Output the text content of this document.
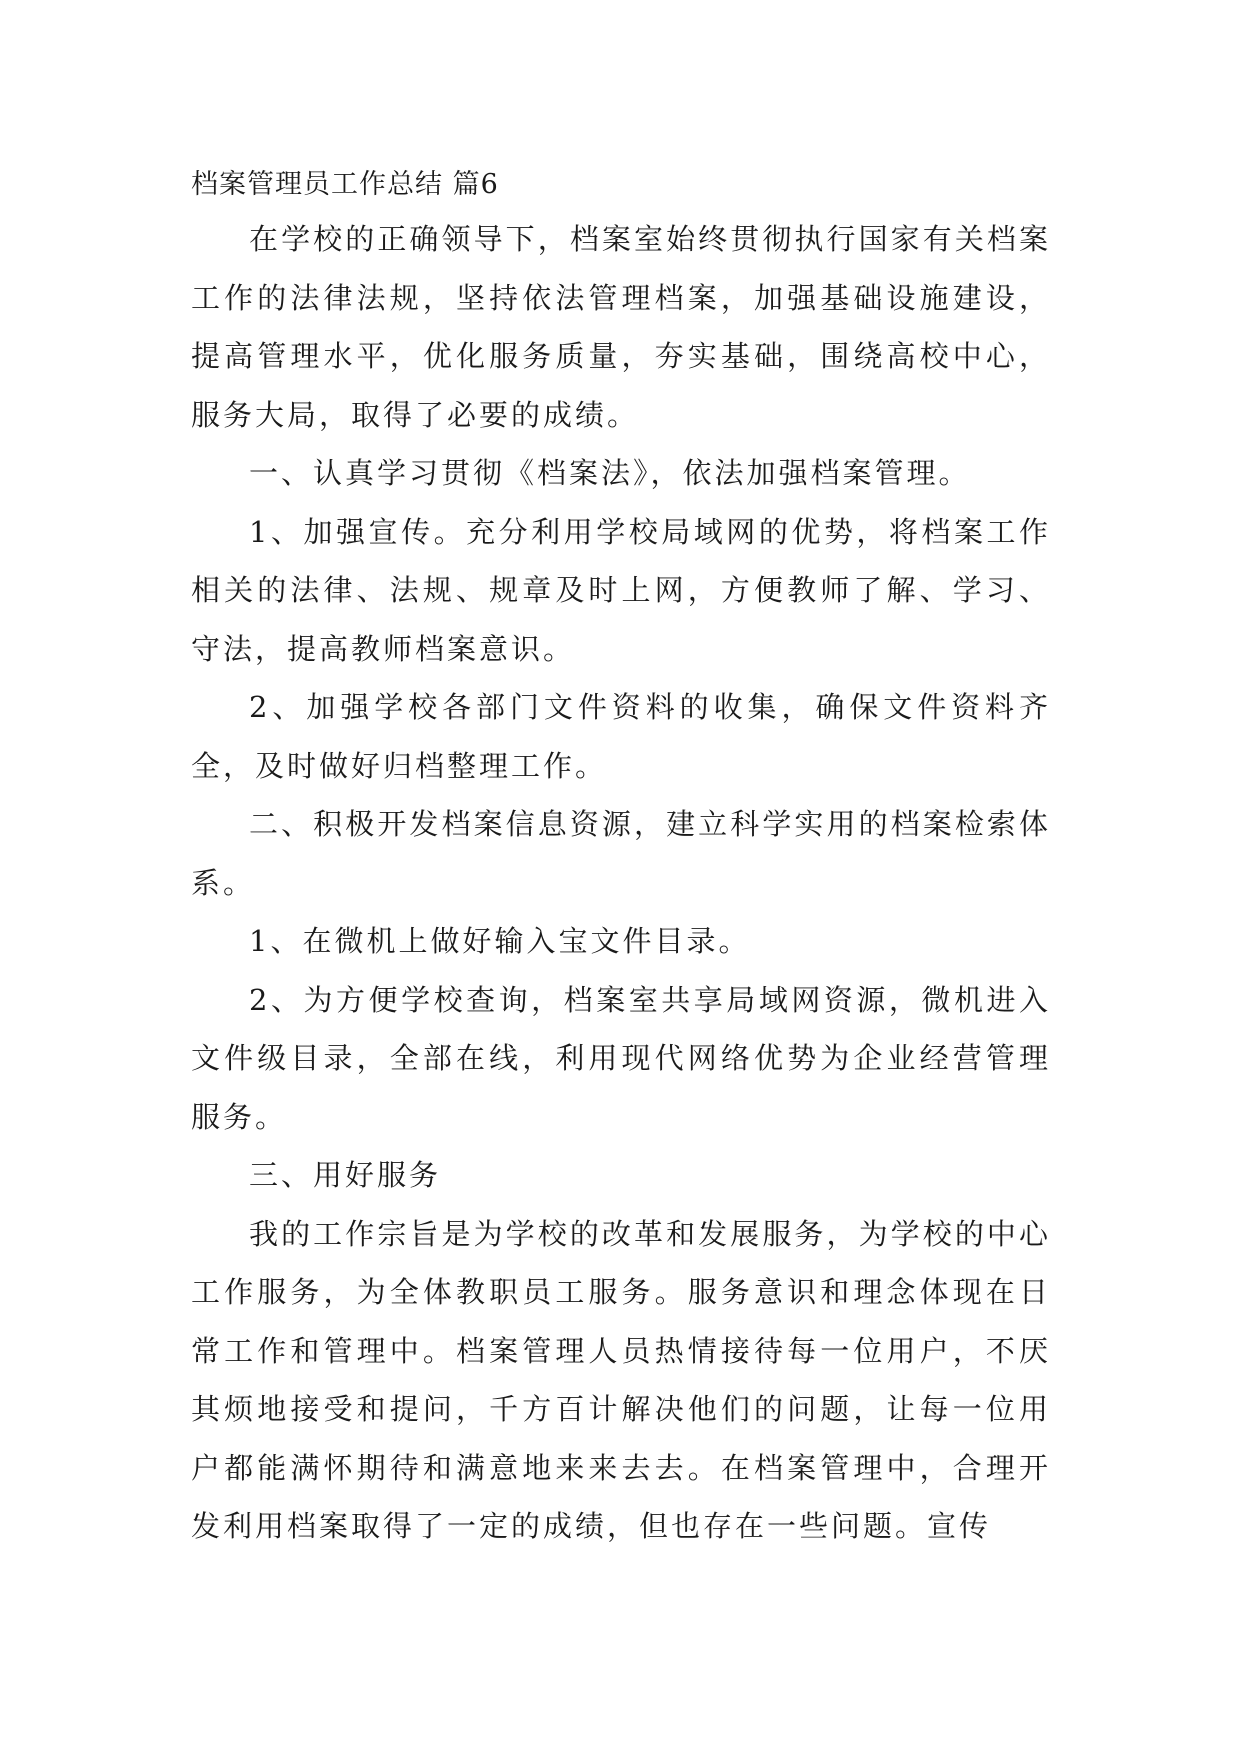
档案管理员工作总结 篇6

在学校的正确领导下，档案室始终贯彻执行国家有关档案工作的法律法规，坚持依法管理档案，加强基础设施建设，提高管理水平，优化服务质量，夯实基础，围绕高校中心，服务大局，取得了必要的成绩。

一、认真学习贯彻《档案法》，依法加强档案管理。

1、加强宣传。充分利用学校局域网的优势，将档案工作相关的法律、法规、规章及时上网，方便教师了解、学习、守法，提高教师档案意识。

2、加强学校各部门文件资料的收集，确保文件资料齐全，及时做好归档整理工作。

二、积极开发档案信息资源，建立科学实用的档案检索体系。

1、在微机上做好输入宝文件目录。

2、为方便学校查询，档案室共享局域网资源，微机进入文件级目录，全部在线，利用现代网络优势为企业经营管理服务。

三、用好服务

我的工作宗旨是为学校的改革和发展服务，为学校的中心工作服务，为全体教职员工服务。服务意识和理念体现在日常工作和管理中。档案管理人员热情接待每一位用户，不厌其烦地接受和提问，千方百计解决他们的问题，让每一位用户都能满怀期待和满意地来来去去。在档案管理中，合理开发利用档案取得了一定的成绩，但也存在一些问题。宣传
